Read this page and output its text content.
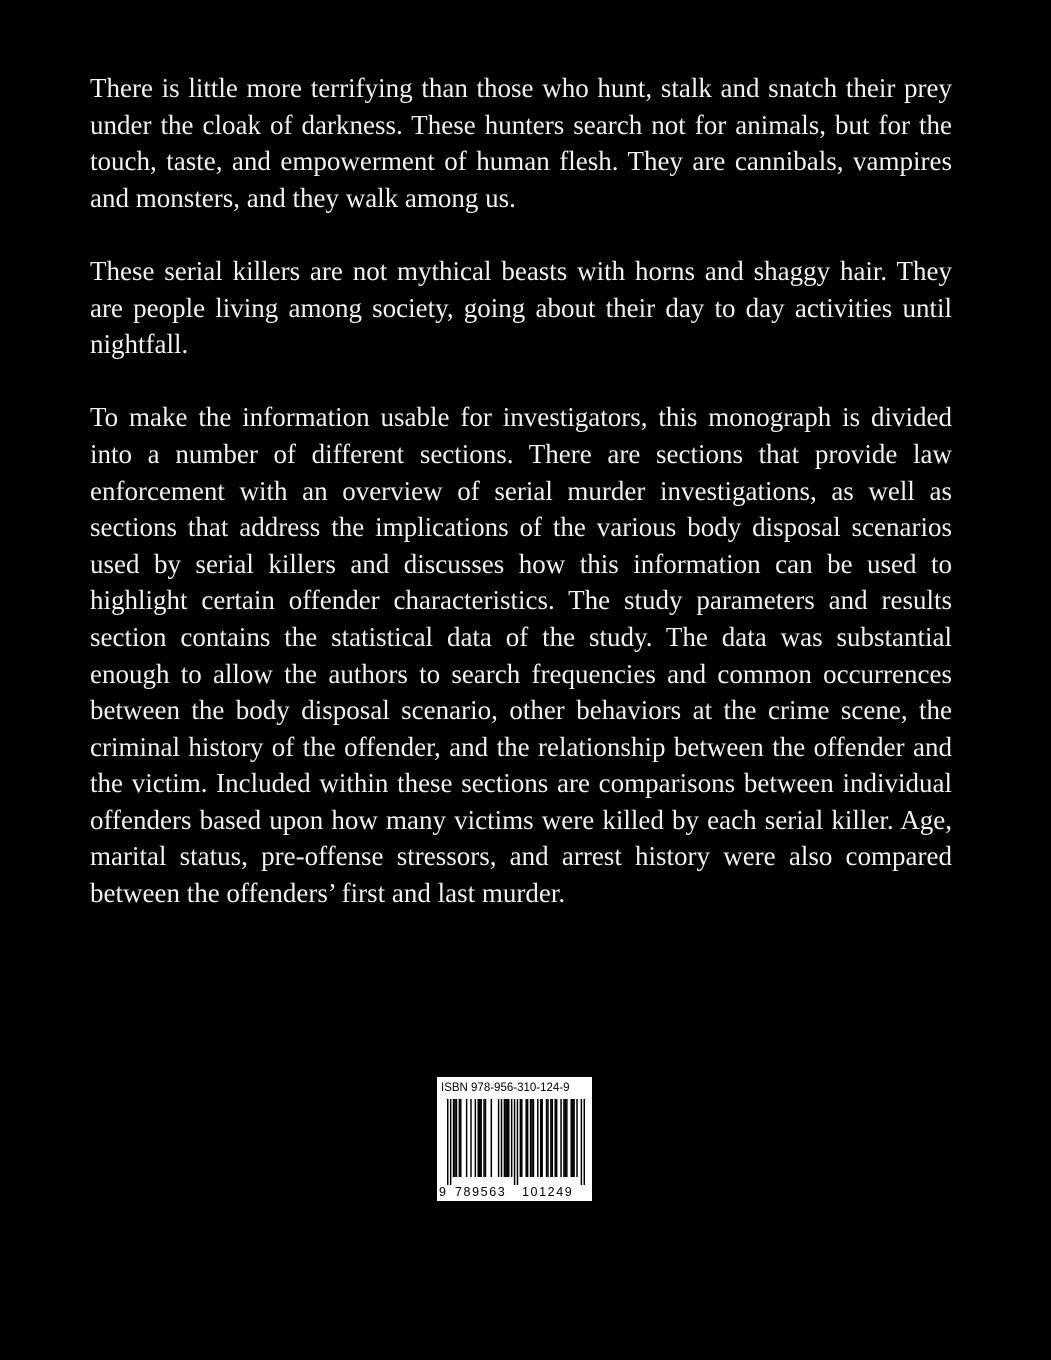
There is little more terrifying than those who hunt, stalk and snatch their prey under the cloak of darkness. These hunters search not for animals, but for the touch, taste, and empowerment of human flesh. They are cannibals, vampires and monsters, and they walk among us.

These serial killers are not mythical beasts with horns and shaggy hair. They are people living among society, going about their day to day activities until nightfall.

To make the information usable for investigators, this monograph is divided into a number of different sections. There are sections that provide law enforcement with an overview of serial murder investigations, as well as sections that address the implications of the various body disposal scenarios used by serial killers and discusses how this information can be used to highlight certain offender characteristics. The study parameters and results section contains the statistical data of the study. The data was substantial enough to allow the authors to search frequencies and common occurrences between the body disposal scenario, other behaviors at the crime scene, the criminal history of the offender, and the relationship between the offender and the victim. Included within these sections are comparisons between individual offenders based upon how many victims were killed by each serial killer. Age, marital status, pre-offense stressors, and arrest history were also compared between the offenders’ first and last murder.

ISBN 978-956-310-124-9
9 789563 101249
